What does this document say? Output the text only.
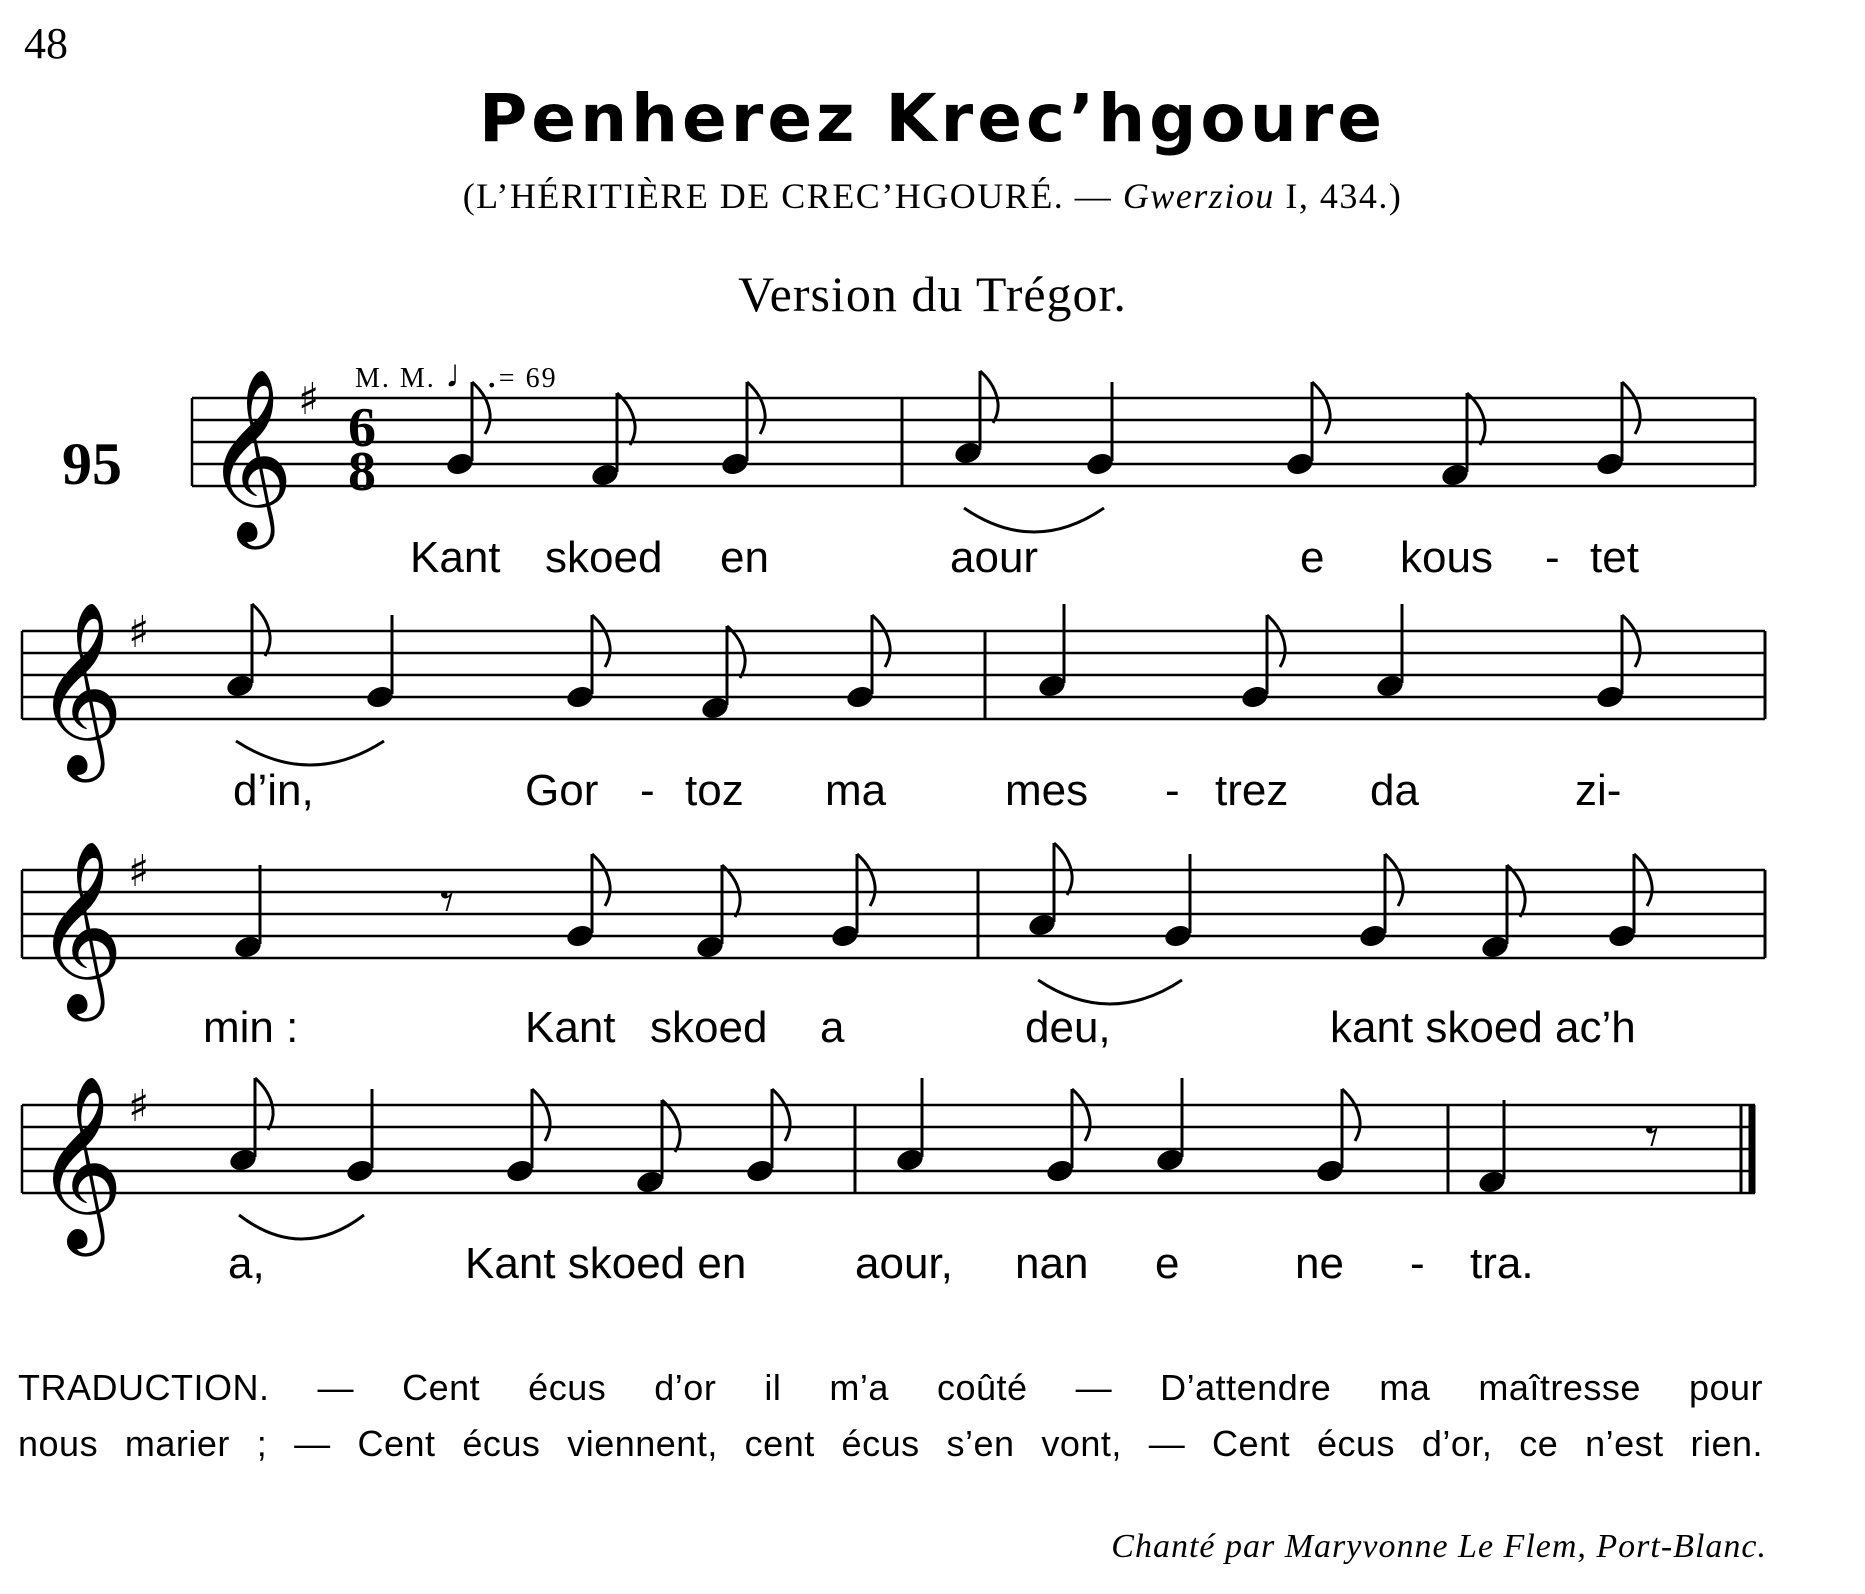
48
Penherez Krec’hgoure
(L’HÉRITIÈRE DE CREC’HGOURÉ. — Gwerziou I, 434.)
Version du Trégor.
95
M. M. ♩.= 69
𝄞 ♯
𝄞 ♯
𝄞 ♯
𝄞 ♯
𝄾
𝄾
Kant skoed en	aour	e kous - tet
d’in,	Gor - toz ma	mes - trez da	zi-
min :	Kant skoed a	deu,	kant skoed ac’h
a,	Kant skoed en aour, nan e	ne - tra.
6
8
TRADUCTION. — Cent écus d’or il m’a coûté — D’attendre ma maîtresse pour
nous marier ; — Cent écus viennent, cent écus s’en vont, — Cent écus d’or, ce n’est rien.
Chanté par Maryvonne Le Flem, Port-Blanc.
